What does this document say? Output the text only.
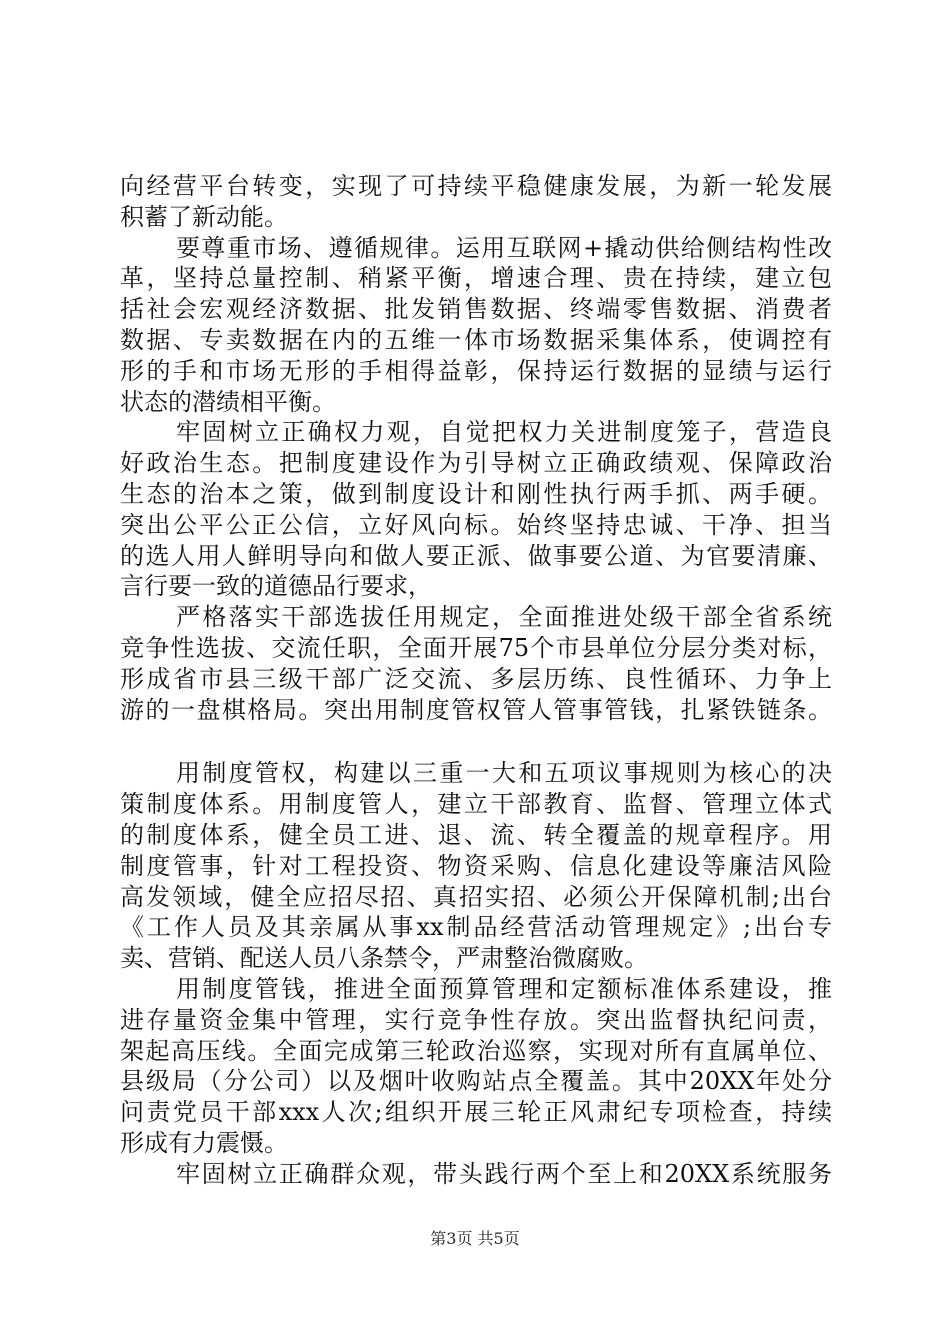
向经营平台转变，实现了可持续平稳健康发展，为新一轮发展
积蓄了新动能。
要尊重市场、遵循规律。运用互联网+撬动供给侧结构性改
革，坚持总量控制、稍紧平衡，增速合理、贵在持续，建立包
括社会宏观经济数据、批发销售数据、终端零售数据、消费者
数据、专卖数据在内的五维一体市场数据采集体系，使调控有
形的手和市场无形的手相得益彰，保持运行数据的显绩与运行
状态的潜绩相平衡。
牢固树立正确权力观，自觉把权力关进制度笼子，营造良
好政治生态。把制度建设作为引导树立正确政绩观、保障政治
生态的治本之策，做到制度设计和刚性执行两手抓、两手硬。
突出公平公正公信，立好风向标。始终坚持忠诚、干净、担当
的选人用人鲜明导向和做人要正派、做事要公道、为官要清廉、
言行要一致的道德品行要求，
严格落实干部选拔任用规定，全面推进处级干部全省系统
竞争性选拔、交流任职，全面开展75个市县单位分层分类对标，
形成省市县三级干部广泛交流、多层历练、良性循环、力争上
游的一盘棋格局。突出用制度管权管人管事管钱，扎紧铁链条。
用制度管权，构建以三重一大和五项议事规则为核心的决
策制度体系。用制度管人，建立干部教育、监督、管理立体式
的制度体系，健全员工进、退、流、转全覆盖的规章程序。用
制度管事，针对工程投资、物资采购、信息化建设等廉洁风险
高发领域，健全应招尽招、真招实招、必须公开保障机制;出台
《工作人员及其亲属从事xx制品经营活动管理规定》;出台专
卖、营销、配送人员八条禁令，严肃整治微腐败。
用制度管钱，推进全面预算管理和定额标准体系建设，推
进存量资金集中管理，实行竞争性存放。突出监督执纪问责，
架起高压线。全面完成第三轮政治巡察，实现对所有直属单位、
县级局（分公司）以及烟叶收购站点全覆盖。其中20XX年处分
问责党员干部xxx人次;组织开展三轮正风肃纪专项检查，持续
形成有力震慑。
牢固树立正确群众观，带头践行两个至上和20XX系统服务
第3页 共5页
